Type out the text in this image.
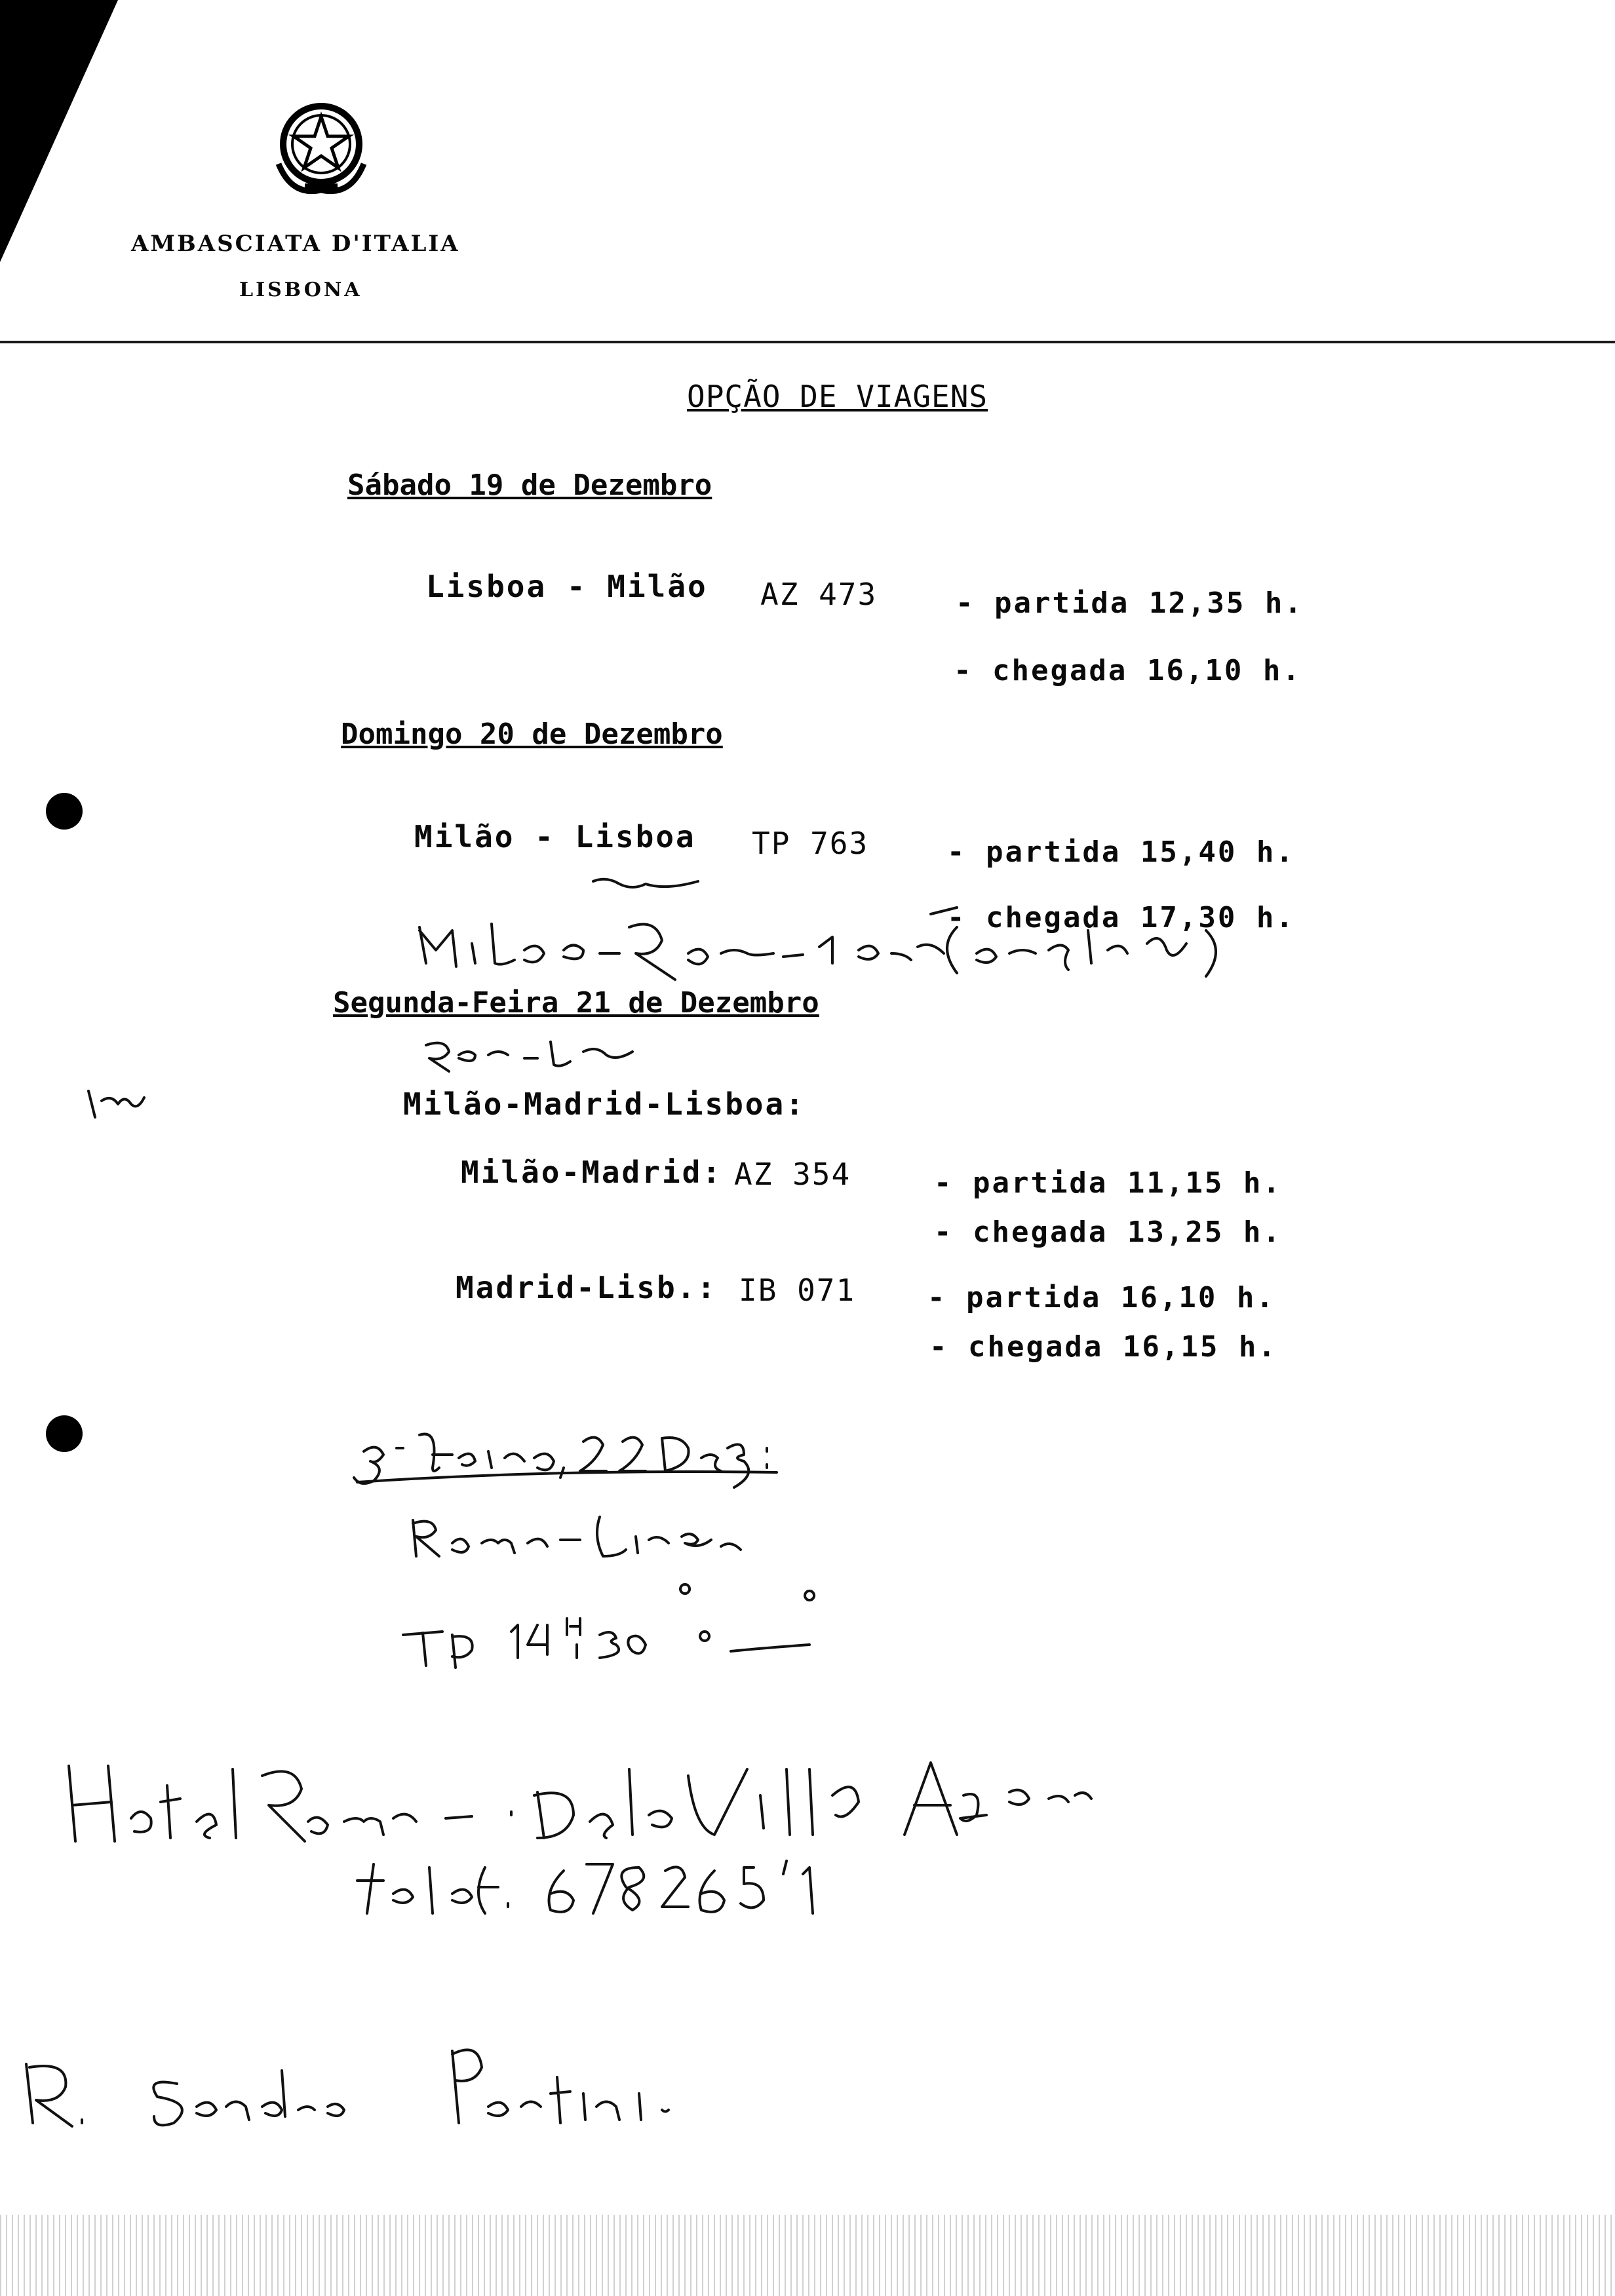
AMBASCIATA D'ITALIA
LISBONA
OPÇÃO DE VIAGENS
Sábado 19 de Dezembro
Lisboa - Milão AZ 473	- partida 12,35 h.
- chegada 16,10 h.
Domingo 20 de Dezembro
Milão - Lisboa TP 763	- partida 15,40 h.
- chegada 17,30 h.
Segunda-Feira 21 de Dezembro
Milão-Madrid-Lisboa:
Milão-Madrid: AZ 354	- partida 11,15 h.
- chegada 13,25 h.
Madrid-Lisb.: IB 071 - partida 16,10 h.
- chegada 16,15 h.
